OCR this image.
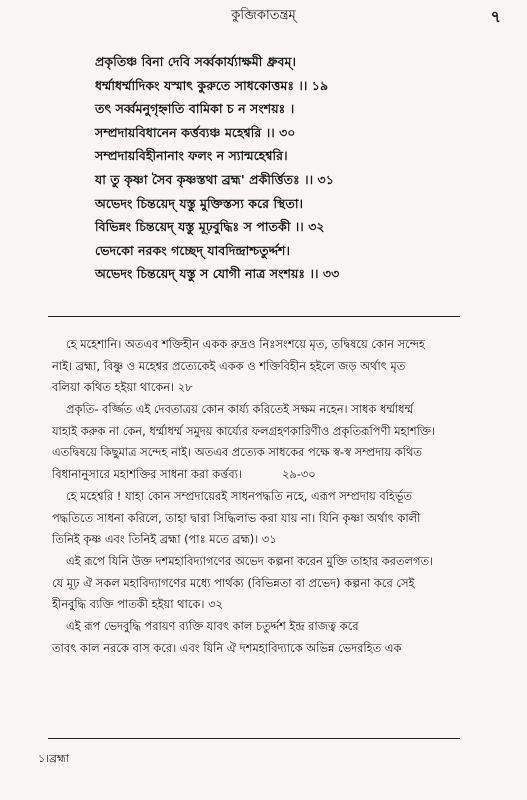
কুব্জিকাতন্ত্রম্	৭
প্রকৃতিঞ্চ বিনা দেবি সর্ব্বকার্য্যাক্ষমী ধ্রুবম্‌।
ধর্ম্মাধর্ম্মাদিকং যস্মাৎ কুরুতে সাধকোত্তমঃ ।। ১৯
তৎ সর্ব্বমনুগৃহ্নাতি বামিকা চ ন সংশয়ঃ ।
সম্প্রদায়বিধানেন কর্ত্তব্যঞ্চ মহেশ্বরি ।। ৩০
সম্প্রদায়বিহীনানাং ফলং ন স্যান্মহেশ্বরি।
যা তু কৃষ্ণা সৈব কৃষ্ণস্তথা ব্রহ্ম' প্রকীর্ত্তিতঃ ।। ৩১
অভেদং চিন্তয়েদ্‌ যস্তু মুক্তিস্তস্য করে স্থিতা।
বিভিন্নং চিন্তয়েদ্‌ যস্তু মূঢ়বুদ্ধিঃ স পাতকী ।। ৩২
ভেদকো নরকং গচ্ছেদ্‌ যাবদিন্দ্রাশ্চতুর্দ্দশ।
অভেদং চিন্তয়েদ্‌ যস্তু স যোগী নাত্র সংশয়ঃ ।। ৩৩

হে মহেশানি। অতএব শক্তিহীন একক রুদ্রও নিঃসংশয়ে মৃত, তদ্বিষয়ে কোন সন্দেহ
নাই। ব্রহ্মা, বিষ্ণু ও মহেশ্বর প্রত্যেকেই একক ও শক্তিবিহীন হইলে জড় অর্থাৎ মৃত
বলিয়া কথিত হইয়া থাকেন। ২৮

প্রকৃতি- বর্জ্জিত এই দেবতাত্রয় কোন কার্য্য করিতেই সক্ষম নহেন। সাধক ধর্ম্মাধর্ম্ম
যাহাই করুক না কেন, ধর্ম্মাধর্ম্ম সমুদয় কার্য্যের ফলগ্রহণকারিণীও প্রকৃতিরূপিণী মহাশক্তি।
এতদ্বিষয়ে কিছুমাত্র সন্দেহ নাই। অতএব প্রত্যেক সাধকের পক্ষে স্ব-স্ব সম্প্রদায় কথিত
বিধানানুসারে মহাশক্তির সাধনা করা কর্ত্তব্য।	২৯-৩০

হে মহেশ্বরি ! যাহা কোন সম্প্রদায়েরই সাধনপদ্ধতি নহে, এরূপ সম্প্রদায় বহির্ভূত
পদ্ধতিতে সাধনা করিলে, তাহা দ্বারা সিদ্ধিলাভ করা যায় না। যিনি কৃষ্ণা অর্থাৎ কালী
তিনিই কৃষ্ণ এবং তিনিই ব্রহ্মা (পাঃ মতে ব্রহ্ম)। ৩১

এই রূপে যিনি উক্ত দশমহাবিদ্যাগণের অভেদ কল্পনা করেন মুক্তি তাহার করতলগত।
যে মূঢ় ঐ সকল মহাবিদ্যাগণের মধ্যে পার্থক্য (বিভিন্নতা বা প্রভেদ) কল্পনা করে সেই
হীনবুদ্ধি ব্যক্তি পাতকী হইয়া থাকে। ৩২

এই রূপ ভেদবুদ্ধি পরায়ণ ব্যক্তি যাবৎ কাল চতুর্দ্দশ ইন্দ্র রাজত্ব করে
তাবৎ কাল নরকে বাস করে। এবং যিনি ঐ দশমহাবিদ্যাকে অভিন্ন ভেদরহিত এক

১।ব্রহ্মা
